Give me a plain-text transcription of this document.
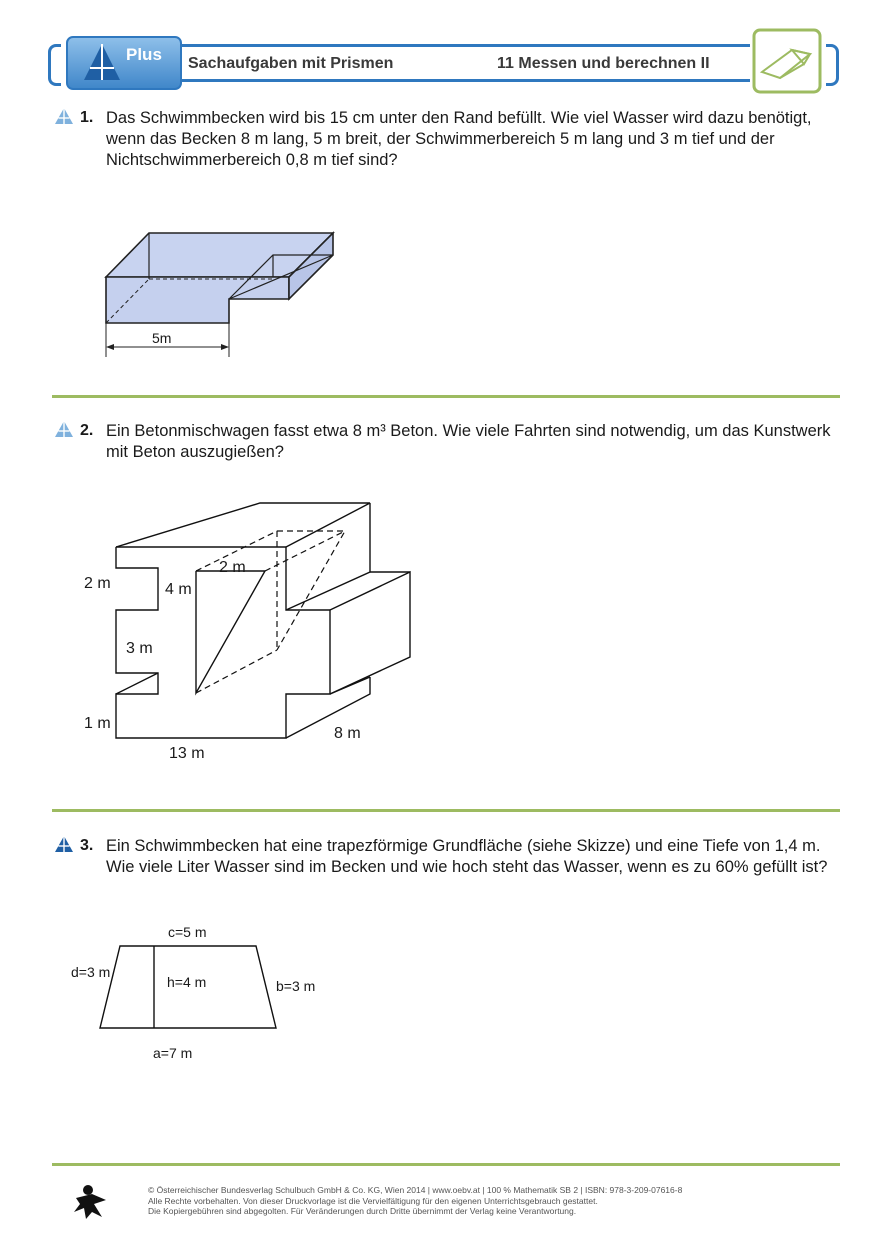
Plus Sachaufgaben mit Prismen	11 Messen und berechnen II
1. Das Schwimmbecken wird bis 15 cm unter den Rand befüllt. Wie viel Wasser wird dazu benötigt, wenn das Becken 8 m lang, 5 m breit, der Schwimmerbereich 5 m lang und 3 m tief und der Nichtschwimmerbereich 0,8 m tief sind?
5m
2. Ein Betonmischwagen fasst etwa 8 m³ Beton. Wie viele Fahrten sind notwendig, um das Kunstwerk mit Beton auszugießen?
2 m
2 m
4 m
3 m
1 m
13 m
8 m
3. Ein Schwimmbecken hat eine trapezförmige Grundfläche (siehe Skizze) und eine Tiefe von 1,4 m. Wie viele Liter Wasser sind im Becken und wie hoch steht das Wasser, wenn es zu 60% gefüllt ist?
c=5 m
d=3 m
h=4 m	b=3 m
a=7 m
© Österreichischer Bundesverlag Schulbuch GmbH & Co. KG, Wien 2014 | www.oebv.at | 100 % Mathematik SB 2 | ISBN: 978-3-209-07616-8
Alle Rechte vorbehalten. Von dieser Druckvorlage ist die Vervielfältigung für den eigenen Unterrichtsgebrauch gestattet.
Die Kopiergebühren sind abgegolten. Für Veränderungen durch Dritte übernimmt der Verlag keine Verantwortung.
